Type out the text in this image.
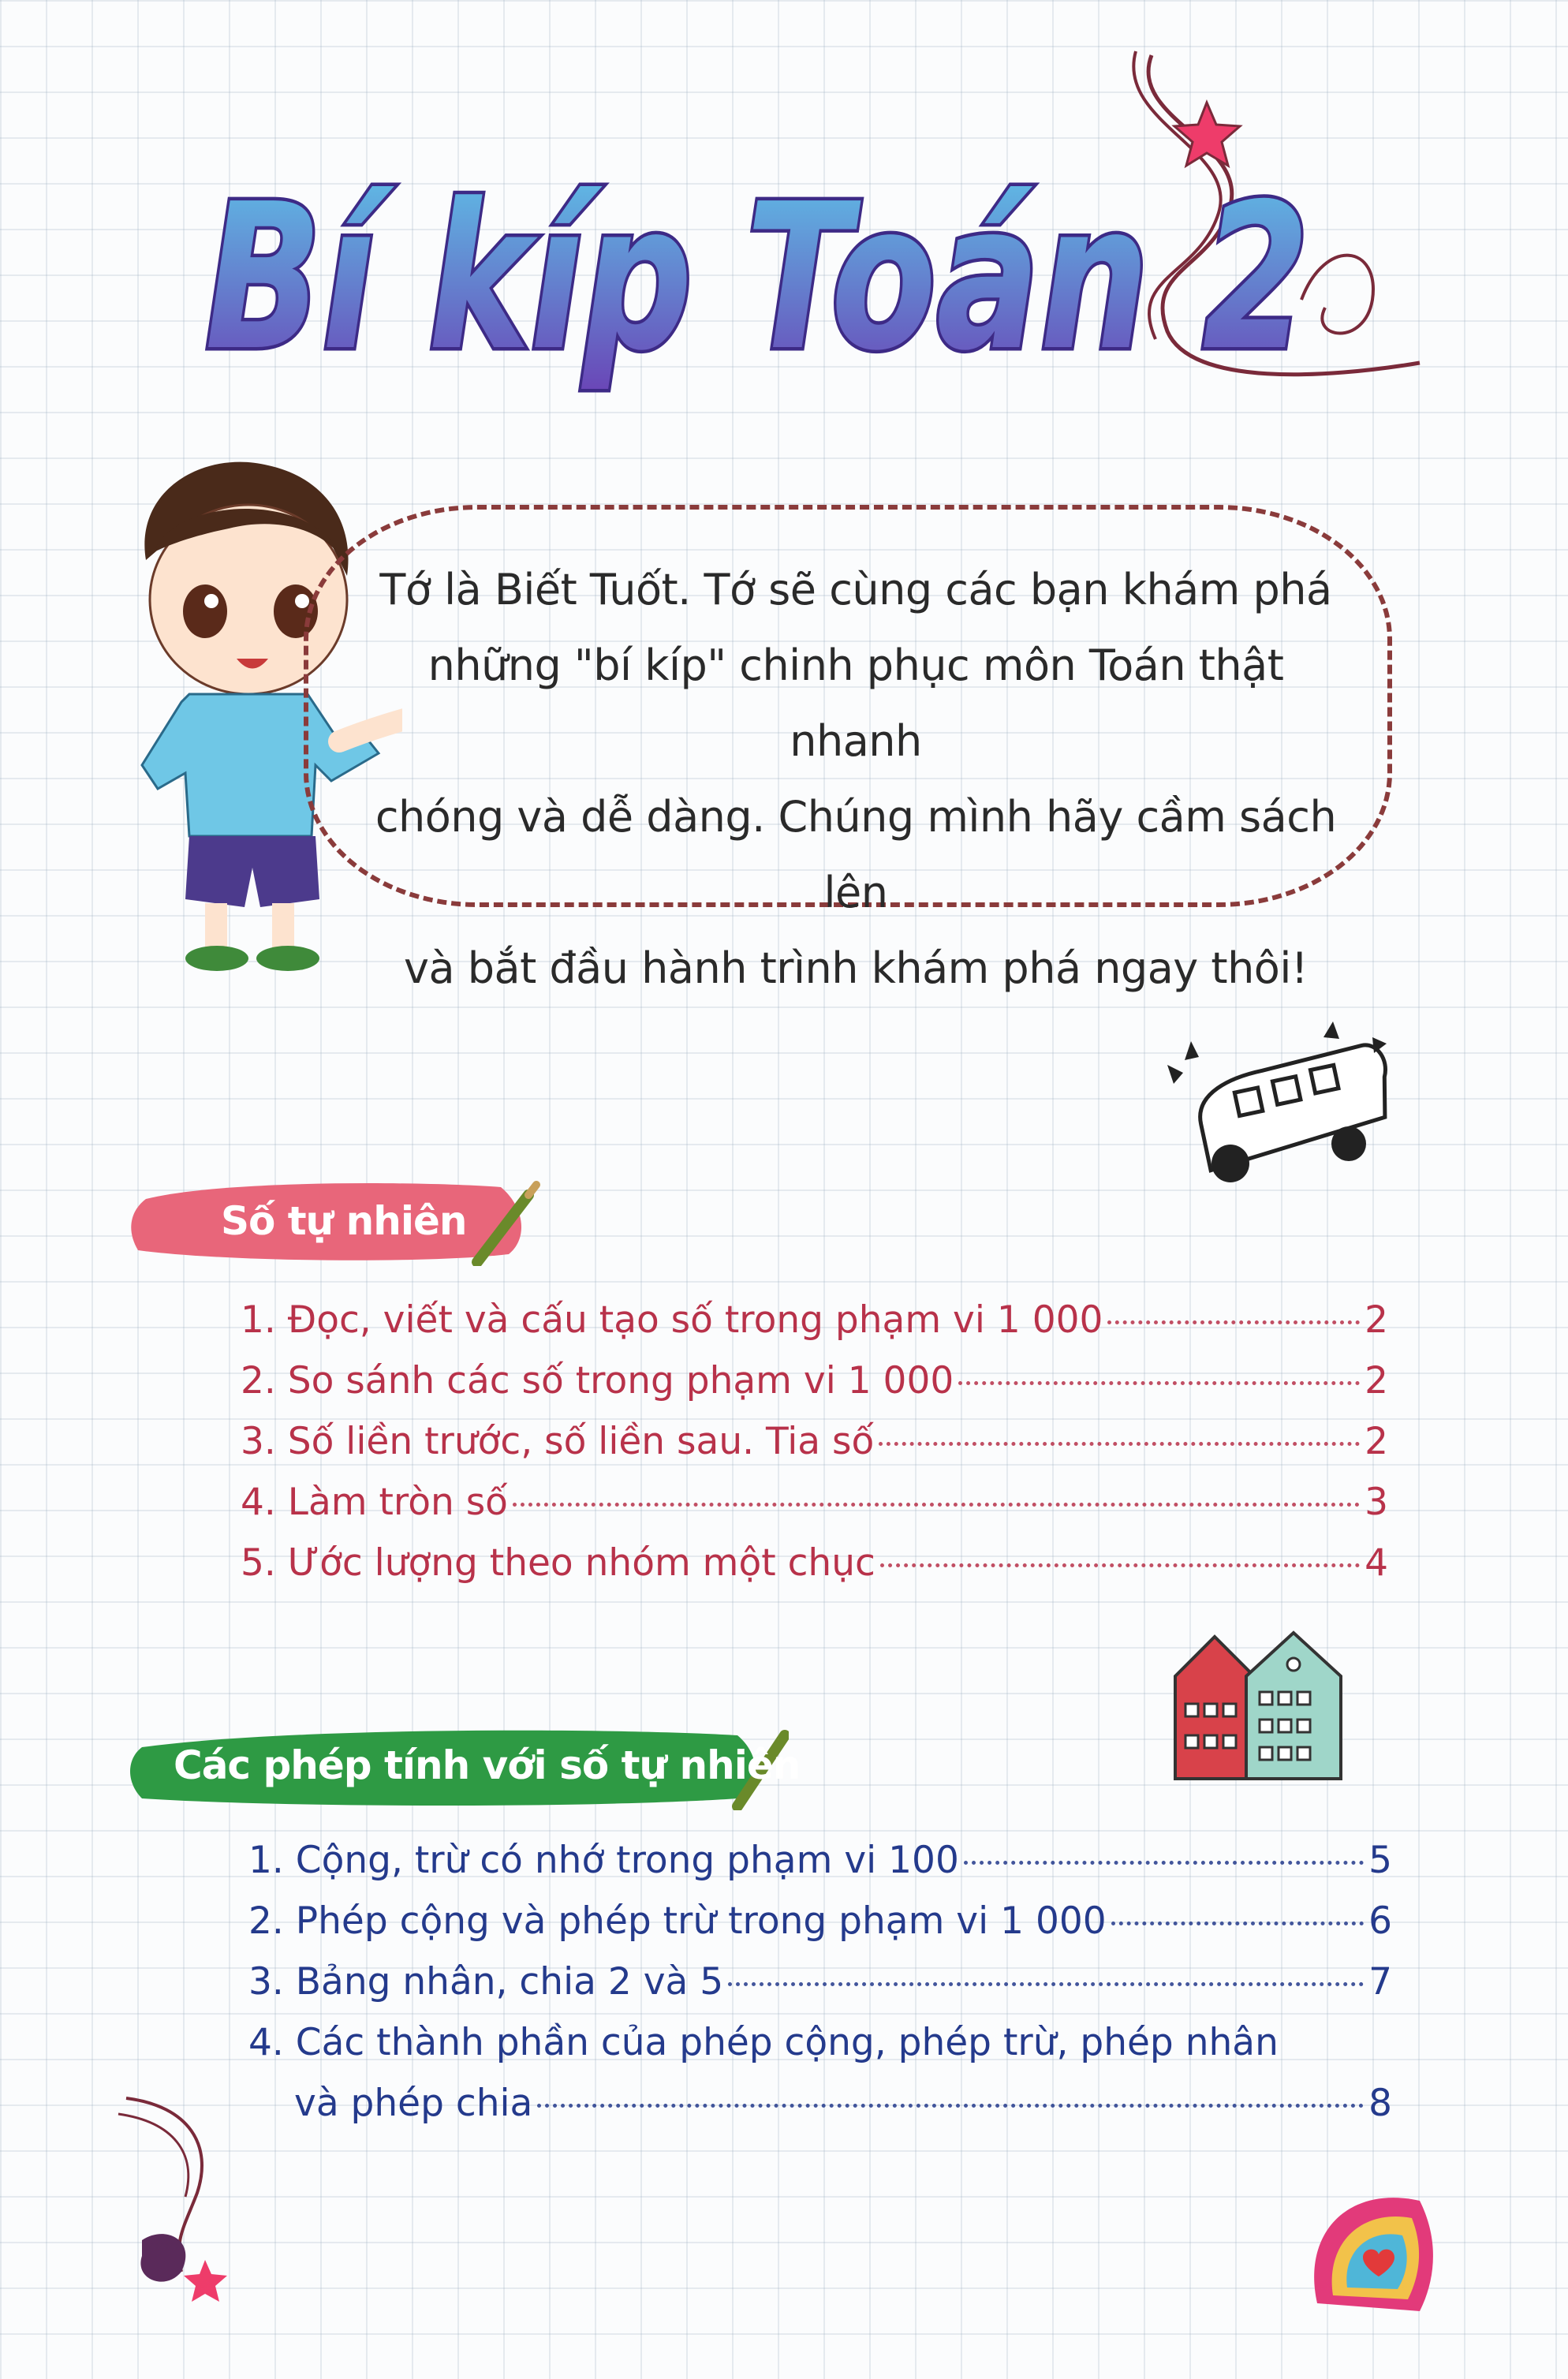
Bí kíp Toán 2
Tớ là Biết Tuốt. Tớ sẽ cùng các bạn khám phá
những "bí kíp" chinh phục môn Toán thật nhanh
chóng và dễ dàng. Chúng mình hãy cầm sách lên
và bắt đầu hành trình khám phá ngay thôi!
Số tự nhiên
1. Đọc, viết và cấu tạo số trong phạm vi 1 000	2
2. So sánh các số trong phạm vi 1 000	2
3. Số liền trước, số liền sau. Tia số	2
4. Làm tròn số	3
5. Ước lượng theo nhóm một chục	4
Các phép tính với số tự nhiên
1. Cộng, trừ có nhớ trong phạm vi 100	5
2. Phép cộng và phép trừ trong phạm vi 1 000	6
3. Bảng nhân, chia 2 và 5	7
4. Các thành phần của phép cộng, phép trừ, phép nhân
và phép chia	8
